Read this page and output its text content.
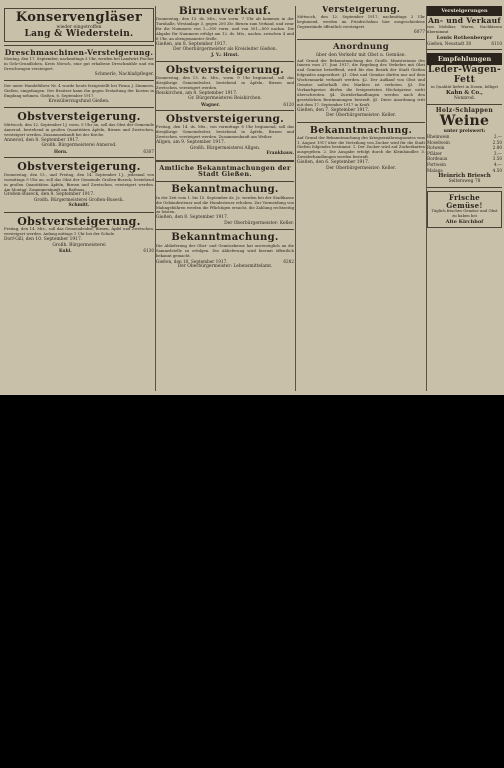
Konservengläser
wieder eingetroffen
Lang & Wiederstein.
Dreschmaschinen-Versteigerung.
Montag, den 17. September, nachmittags 3 Uhr, werden bei Landwirt Fischer in Gelz-Grundlohen, Kreis Nörsch, eine gut erhaltene Dreschmühle und ein Dreschwagen versteigert.
Schmerle, Nachlaßpfleger.
Der unter Hundeführer Nr. 4 wurde heute festgestellt bei Firma J. Zimmern, Gießen, eingefangen. Der Besitzer kann ihn gegen Erstattung der Kosten in Empfang nehmen. Gießen, 6. September 1917.
Kreisüberzugsfund Gießen.
Obstversteigerung.
Mittwoch, den 12. September l.J. vorm. 9 Uhr an, soll das Obst der Gemeinde Annerod, bestehend in großen Quantitäten Äpfeln, Birnen und Zwetschen, versteigert werden. Zusammenkunft bei der Kirche.
Annerod, den 8. September 1917.
Großh. Bürgermeisterei Annerod.
Horn.	6307
Obstversteigerung.
Donnerstag, den 13., und Freitag, den 14. September l.J., jedesmal von vormittags 9 Uhr an, soll das Obst der Gemeinde Großen-Buseck, bestehend in großen Quantitäten Äpfeln, Birnen und Zwetschen, versteigert werden. Am Montag: Zusammenkunft am Rathaus.
Großen-Buseck, den 8. September 1917.
Großh. Bürgermeisterei Großen-Buseck.
Schmitt.
Obstversteigerung.
Freitag, den 14. Mts., soll das Gemeindeobst, Birnen, Äpfel und Zwetschen, versteigert werden. Anfang mittags 1 Uhr bei der Schule.
Dorf-Gill, den 10. September 1917.
Großh. Bürgermeisterei
Kuhl.	6130
Birnenverkauf.
Donnerstag, den 13. ds. Mts., von vorm. 7 Uhr ab kommen in der Turnhalle, Westanlage 3, gegen 200 Ztr. Birnen zum Verkauf, und zwar für die Nummern von 1—300 vorm. und von 301—800 nachm. Die Abgabe für Nummern erfolgt am 12. ds. Mts., nachm. zwischen 4 und 6 Uhr, an obengenannter Stelle.
Gießen, am 8. September 1917.
Der Oberbürgermeister als Kreisleiter Gießen.
J. V.: Hrnst.
Obstversteigerung.
Donnerstag, den 13. ds. Mts., vorm. 9 Uhr beginnend, soll das diesjährige Gemeindeobst, bestehend in Äpfeln, Birnen und Zwetschen, versteigert werden.
Reiskirchen, am 8. September 1917.
Gr. Bürgermeisterei Reiskirchen.
Wagner.	6120
Obstversteigerung.
Freitag, den 14. ds. Mts., von vormittags 8 Uhr beginnend, soll das diesjährige Gemeindeobst, bestehend in Äpfeln, Birnen und Zwetschen, versteigert werden. Zusammenkunft am Weiher.
Allgen, am 9. September 1917.
Großh. Bürgermeisterei Allgen.
Frankhaus.
Amtliche Bekanntmachungen der Stadt Gießen.
Bekanntmachung.
In der Zeit vom 1. bis 15. September ds. Js. werden bei der Stadtkasse die Gebäudesteuer und die Hundesteuer erhoben. Zur Vermeidung von Mahngebühren werden die Pflichtigen ersucht, die Zahlung rechtzeitig zu leisten.
Gießen, den 8. September 1917.
Der Oberbürgermeister: Keller.
Bekanntmachung.
Die Ablieferung der Obst- und Gemüsekerne hat unverzüglich an die Sammelstelle zu erfolgen. Die Ablieferung wird hiermit öffentlich bekannt gemacht.
Gießen, den 10. September 1917.	6282
Der Oberbürgermeister: Lebensmittelamt.
Versteigerung.
Mittwoch, den 12. September 1917, nachmittags 2 Uhr beginnend, werden im Friedrichsbau hier ausgeschiedene Gegenstände öffentlich versteigert.
6077
Anordnung
über den Verkehr mit Obst u. Gemüse.
Auf Grund der Bekanntmachung des Großh. Ministeriums des Innern vom 27. Juni 1917, die Regelung des Verkehrs mit Obst und Gemüse betreffend, wird für den Bezirk der Stadt Gießen folgendes angeordnet: §1. Obst und Gemüse dürfen nur auf dem Wochenmarkt verkauft werden. §2. Der Aufkauf von Obst und Gemüse außerhalb des Marktes ist verboten. §3. Die Verkaufspreise dürfen die festgesetzten Höchstpreise nicht überschreiten. §4. Zuwiderhandlungen werden nach den gesetzlichen Bestimmungen bestraft. §5. Diese Anordnung tritt mit dem 17. September 1917 in Kraft.
Gießen, den 7. September 1917.
Der Oberbürgermeister: Keller.
Bekanntmachung.
Auf Grund der Bekanntmachung des Kriegsernährungsamtes vom 1. August 1917 über die Verteilung von Zucker wird für die Stadt Gießen folgendes bestimmt: 1. Der Zucker wird auf Zuckerkarten ausgegeben. 2. Die Ausgabe erfolgt durch die Kleinhändler. 3. Zuwiderhandlungen werden bestraft.
Gießen, den 6. September 1917.
Der Oberbürgermeister: Keller.
Versteigerungen
An- und Verkauf
von Mobiliar, Waren, Nachlässen übernimmt
Louis Rothenberger
Gießen, Neustadt 38	6110
Empfehlungen
Leder-Wagen-Fett
in Qualität liefert in Dosen, billigst
Kahn & Co.,
Nonnrod.
Holz-Schlappen
Weine
unter preiswert:
Rheinwein	2.—
Moselwein	2.50
Rotwein	2.80
Pfälzer	3.—
Bordeaux	3.50
Portwein	4.—
Malaga	4.50
Heinrich Briesch
Seltersweg 78
Frische Gemüse!
Täglich frisches Gemüse und Obst zu haben bei
Alte Kirchhof
